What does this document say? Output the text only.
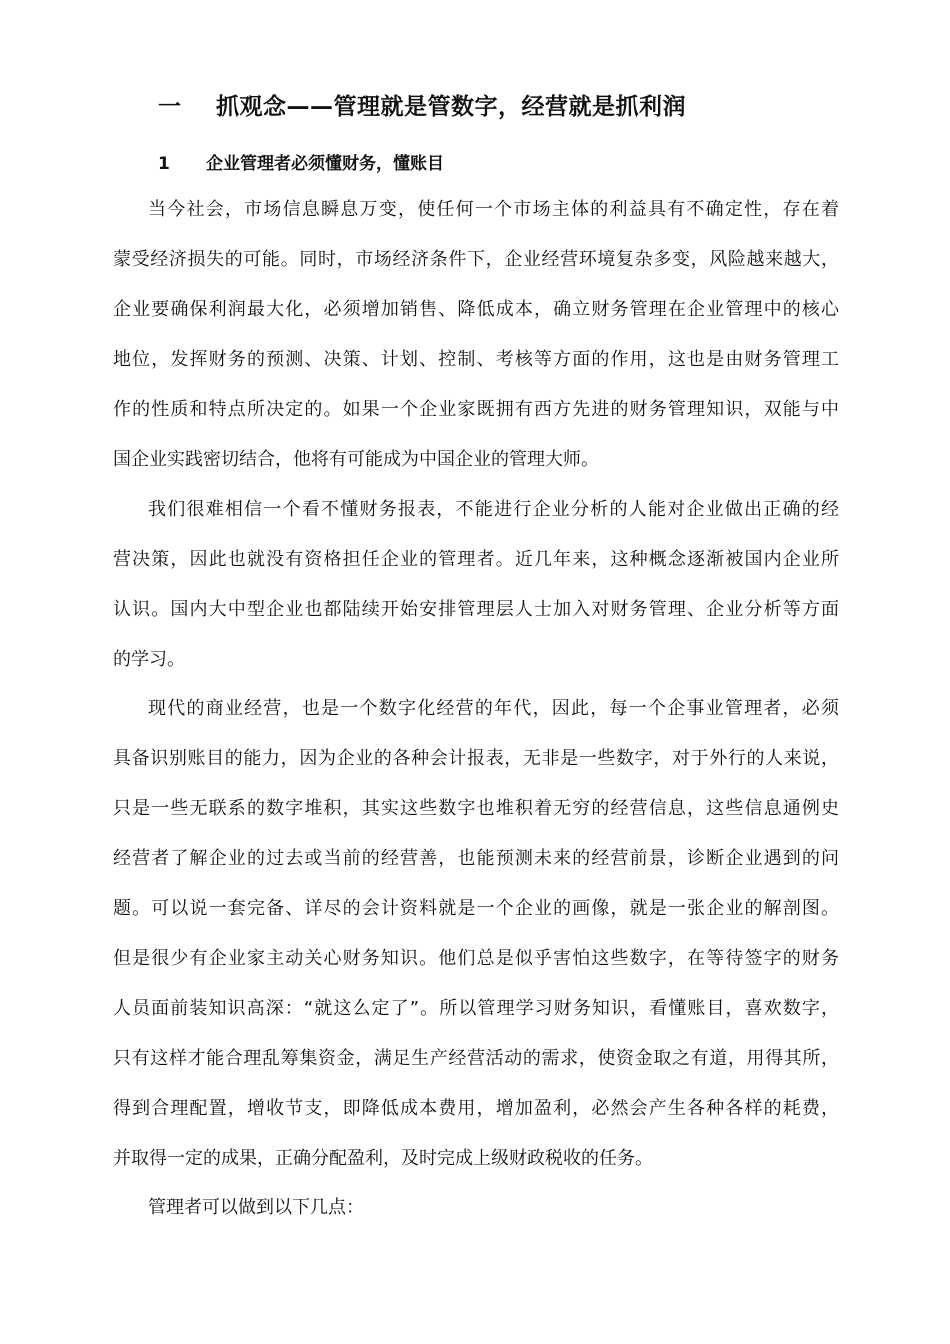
一 抓观念——管理就是管数字，经营就是抓利润
1 企业管理者必须懂财务，懂账目
当今社会，市场信息瞬息万变，使任何一个市场主体的利益具有不确定性，存在着
蒙受经济损失的可能。同时，市场经济条件下，企业经营环境复杂多变，风险越来越大，
企业要确保利润最大化，必须增加销售、降低成本，确立财务管理在企业管理中的核心
地位，发挥财务的预测、决策、计划、控制、考核等方面的作用，这也是由财务管理工
作的性质和特点所决定的。如果一个企业家既拥有西方先进的财务管理知识，双能与中
国企业实践密切结合，他将有可能成为中国企业的管理大师。
我们很难相信一个看不懂财务报表，不能进行企业分析的人能对企业做出正确的经
营决策，因此也就没有资格担任企业的管理者。近几年来，这种概念逐渐被国内企业所
认识。国内大中型企业也都陆续开始安排管理层人士加入对财务管理、企业分析等方面
的学习。
现代的商业经营，也是一个数字化经营的年代，因此，每一个企事业管理者，必须
具备识别账目的能力，因为企业的各种会计报表，无非是一些数字，对于外行的人来说，
只是一些无联系的数字堆积，其实这些数字也堆积着无穷的经营信息，这些信息通例史
经营者了解企业的过去或当前的经营善，也能预测未来的经营前景，诊断企业遇到的问
题。可以说一套完备、详尽的会计资料就是一个企业的画像，就是一张企业的解剖图。
但是很少有企业家主动关心财务知识。他们总是似乎害怕这些数字，在等待签字的财务
人员面前装知识高深：“就这么定了”。所以管理学习财务知识，看懂账目，喜欢数字，
只有这样才能合理乱筹集资金，满足生产经营活动的需求，使资金取之有道，用得其所，
得到合理配置，增收节支，即降低成本费用，增加盈利，必然会产生各种各样的耗费，
并取得一定的成果，正确分配盈利，及时完成上级财政税收的任务。
管理者可以做到以下几点：
